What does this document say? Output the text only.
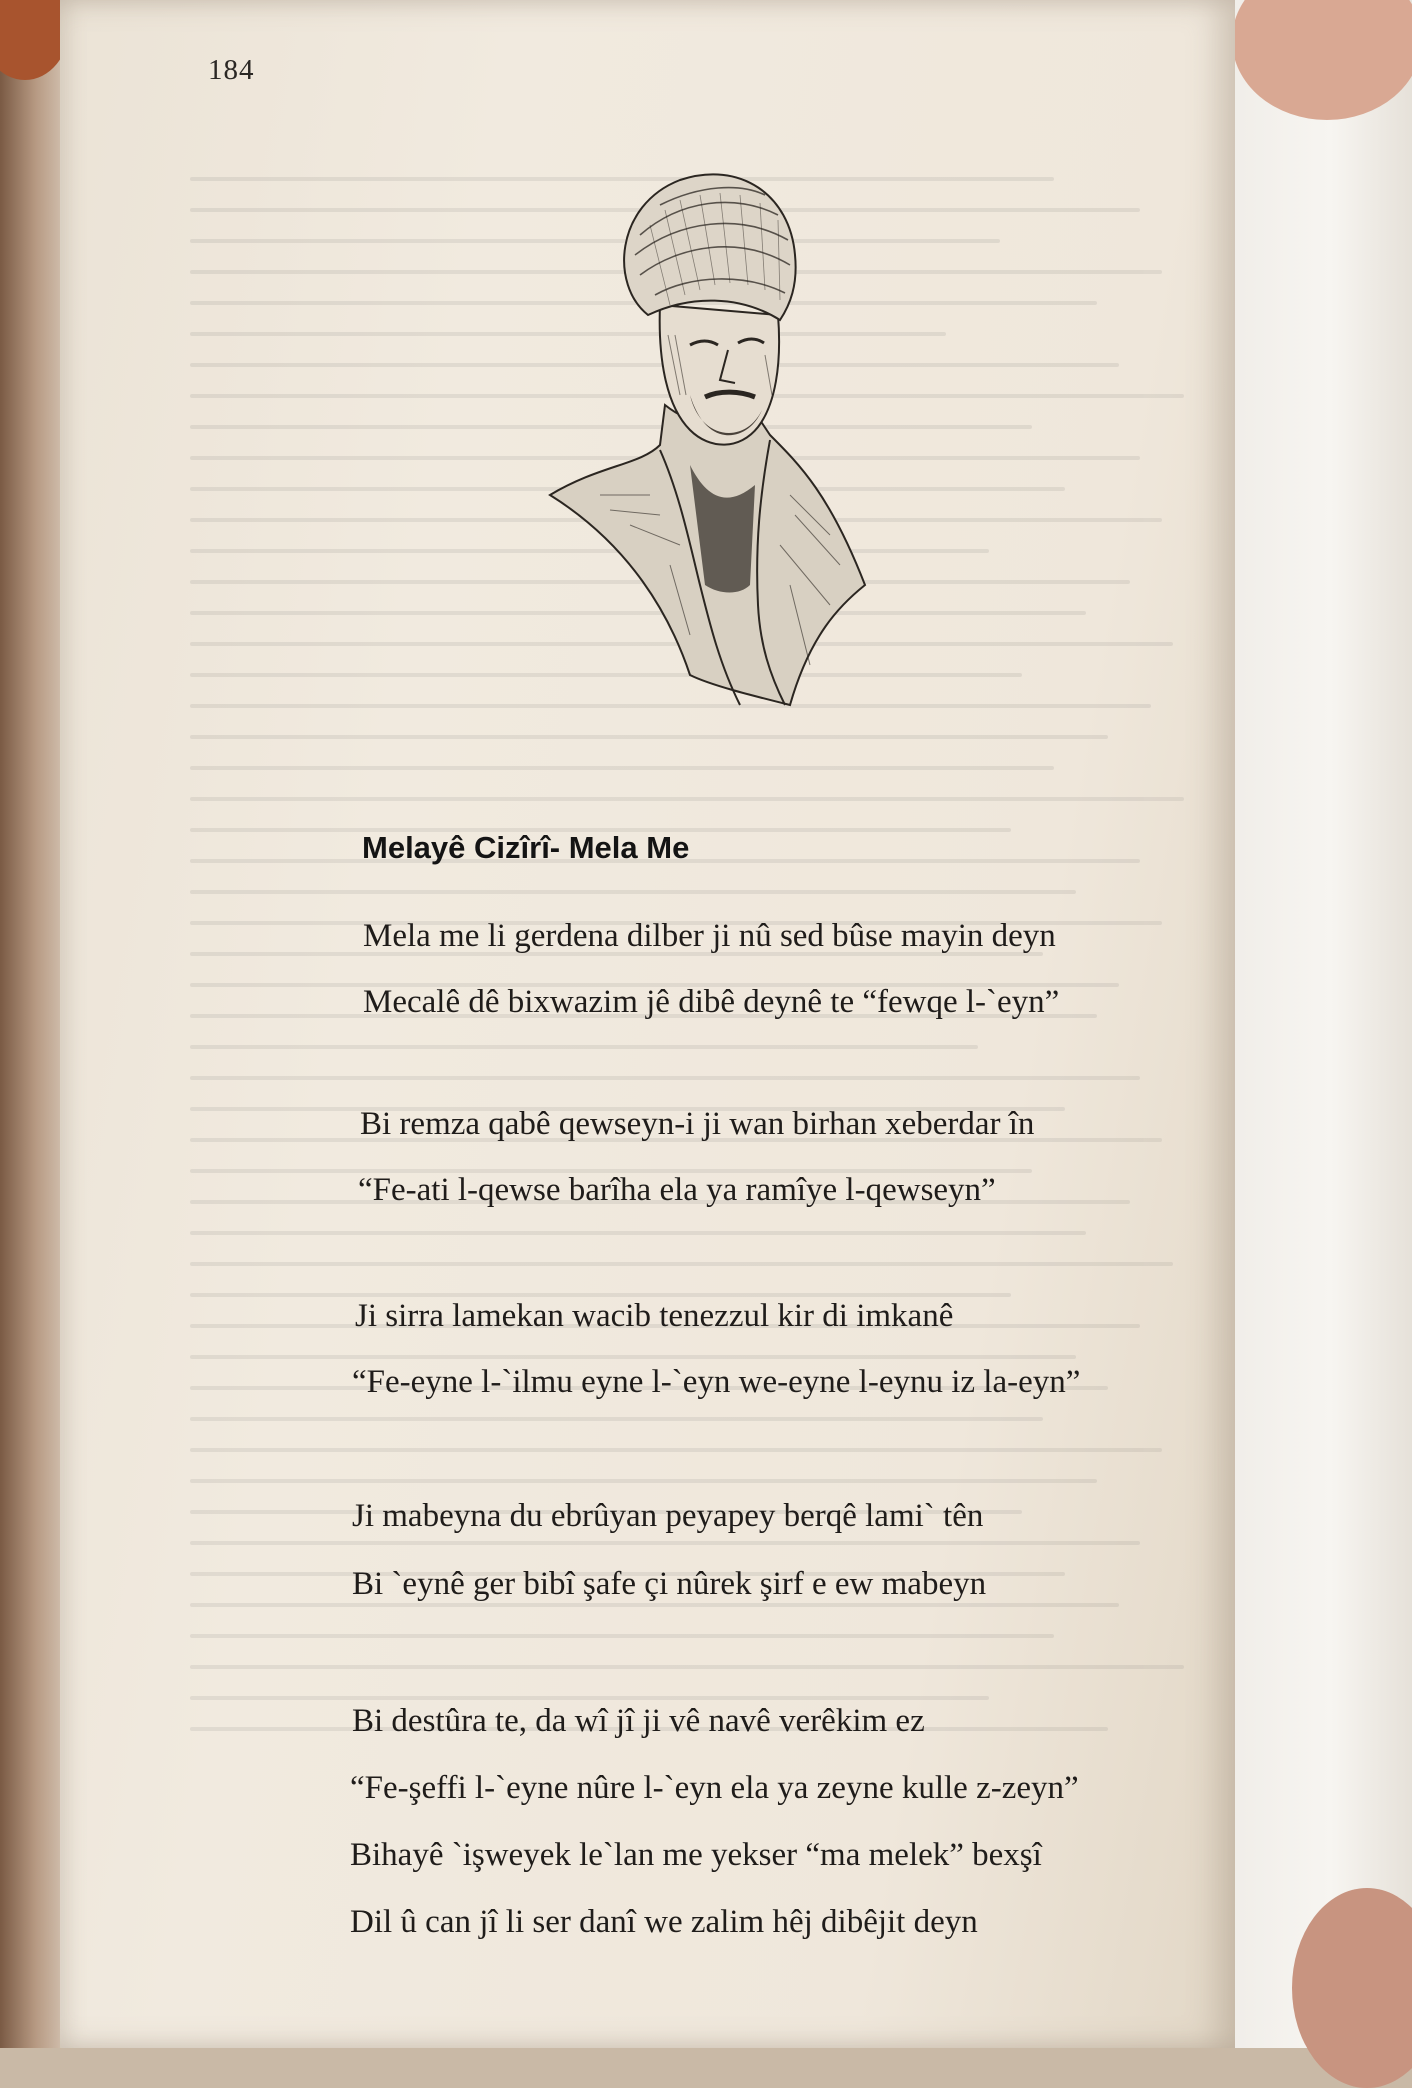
184
Melayê Cizîrî- Mela Me
Mela me li gerdena dilber ji nû sed bûse mayin deyn
Mecalê dê bixwazim jê dibê deynê te “fewqe l-`eyn”
Bi remza qabê qewseyn-i ji wan birhan xeberdar în
“Fe-ati l-qewse barîha ela ya ramîye l-qewseyn”
Ji sirra lamekan wacib tenezzul kir di imkanê
“Fe-eyne l-`ilmu eyne l-`eyn we-eyne l-eynu iz la-eyn”
Ji mabeyna du ebrûyan peyapey berqê lami` tên
Bi `eynê ger bibî şafe çi nûrek şirf e ew mabeyn
Bi destûra te, da wî jî ji vê navê verêkim ez
“Fe-şeffi l-`eyne nûre l-`eyn ela ya zeyne kulle z-zeyn”
Bihayê `işweyek le`lan me yekser “ma melek” bexşî
Dil û can jî li ser danî we zalim hêj dibêjit deyn
